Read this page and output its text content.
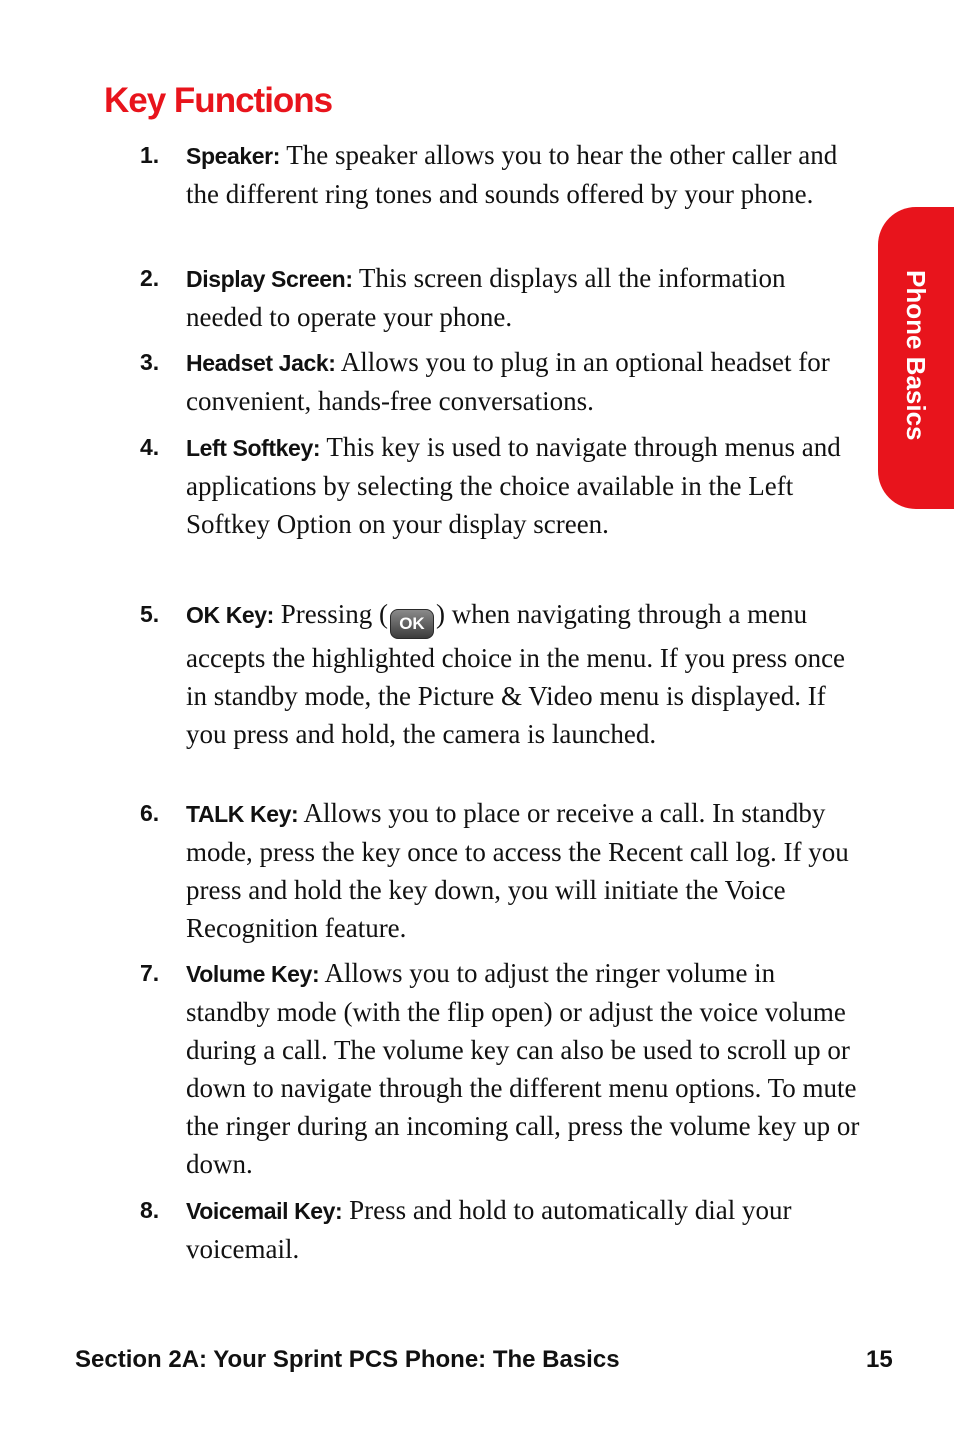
Key Functions
Phone Basics
1.	Speaker: The speaker allows you to hear the other caller and the different ring tones and sounds offered by your phone.
2.	Display Screen: This screen displays all the information needed to operate your phone.
3.	Headset Jack: Allows you to plug in an optional headset for convenient, hands-free conversations.
4.	Left Softkey: This key is used to navigate through menus and applications by selecting the choice available in the Left Softkey Option on your display screen.
5.	OK Key: Pressing ( OK ) when navigating through a menu accepts the highlighted choice in the menu. If you press once in standby mode, the Picture & Video menu is displayed. If you press and hold, the camera is launched.
6.	TALK Key: Allows you to place or receive a call. In standby mode, press the key once to access the Recent call log. If you press and hold the key down, you will initiate the Voice Recognition feature.
7.	Volume Key: Allows you to adjust the ringer volume in standby mode (with the flip open) or adjust the voice volume during a call. The volume key can also be used to scroll up or down to navigate through the different menu options. To mute the ringer during an incoming call, press the volume key up or down.
8.	Voicemail Key: Press and hold to automatically dial your voicemail.
Section 2A: Your Sprint PCS Phone: The Basics	15
